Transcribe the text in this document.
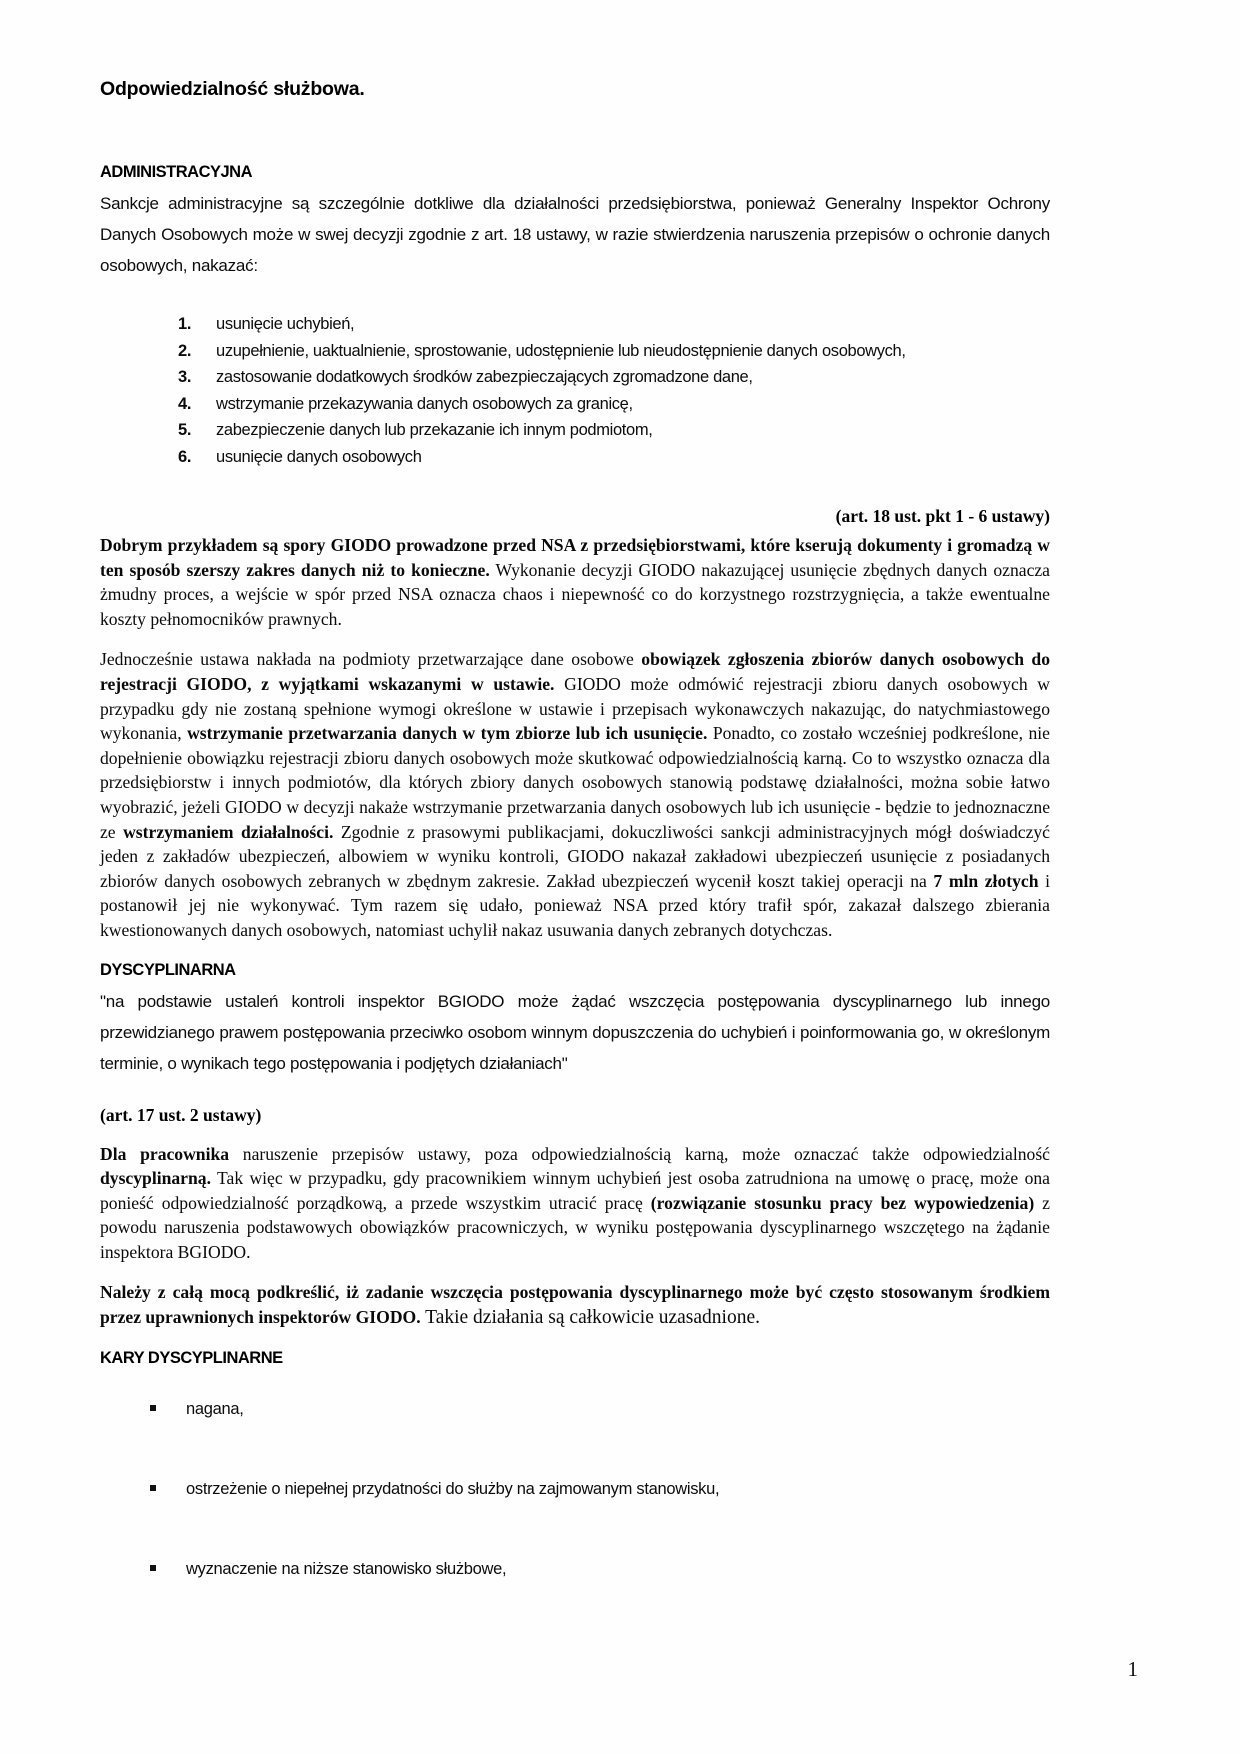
Odpowiedzialność służbowa.
ADMINISTRACYJNA

Sankcje administracyjne są szczególnie dotkliwe dla działalności przedsiębiorstwa, ponieważ Generalny Inspektor Ochrony Danych Osobowych może w swej decyzji zgodnie z art. 18 ustawy, w razie stwierdzenia naruszenia przepisów o ochronie danych osobowych, nakazać:

usunięcie uchybień,
uzupełnienie, uaktualnienie, sprostowanie, udostępnienie lub nieudostępnienie danych osobowych,
zastosowanie dodatkowych środków zabezpieczających zgromadzone dane,
wstrzymanie przekazywania danych osobowych za granicę,
zabezpieczenie danych lub przekazanie ich innym podmiotom,
usunięcie danych osobowych

(art. 18 ust. pkt 1 - 6 ustawy)

Dobrym przykładem są spory GIODO prowadzone przed NSA z przedsiębiorstwami, które kserują dokumenty i gromadzą w ten sposób szerszy zakres danych niż to konieczne. Wykonanie decyzji GIODO nakazującej usunięcie zbędnych danych oznacza żmudny proces, a wejście w spór przed NSA oznacza chaos i niepewność co do korzystnego rozstrzygnięcia, a także ewentualne koszty pełnomocników prawnych.

Jednocześnie ustawa nakłada na podmioty przetwarzające dane osobowe obowiązek zgłoszenia zbiorów danych osobowych do rejestracji GIODO, z wyjątkami wskazanymi w ustawie. GIODO może odmówić rejestracji zbioru danych osobowych w przypadku gdy nie zostaną spełnione wymogi określone w ustawie i przepisach wykonawczych nakazując, do natychmiastowego wykonania, wstrzymanie przetwarzania danych w tym zbiorze lub ich usunięcie. Ponadto, co zostało wcześniej podkreślone, nie dopełnienie obowiązku rejestracji zbioru danych osobowych może skutkować odpowiedzialnością karną. Co to wszystko oznacza dla przedsiębiorstw i innych podmiotów, dla których zbiory danych osobowych stanowią podstawę działalności, można sobie łatwo wyobrazić, jeżeli GIODO w decyzji nakaże wstrzymanie przetwarzania danych osobowych lub ich usunięcie - będzie to jednoznaczne ze wstrzymaniem działalności. Zgodnie z prasowymi publikacjami, dokuczliwości sankcji administracyjnych mógł doświadczyć jeden z zakładów ubezpieczeń, albowiem w wyniku kontroli, GIODO nakazał zakładowi ubezpieczeń usunięcie z posiadanych zbiorów danych osobowych zebranych w zbędnym zakresie. Zakład ubezpieczeń wycenił koszt takiej operacji na 7 mln złotych i postanowił jej nie wykonywać. Tym razem się udało, ponieważ NSA przed który trafił spór, zakazał dalszego zbierania kwestionowanych danych osobowych, natomiast uchylił nakaz usuwania danych zebranych dotychczas.

DYSCYPLINARNA

"na podstawie ustaleń kontroli inspektor BGIODO może żądać wszczęcia postępowania dyscyplinarnego lub innego przewidzianego prawem postępowania przeciwko osobom winnym dopuszczenia do uchybień i poinformowania go, w określonym terminie, o wynikach tego postępowania i podjętych działaniach"

(art. 17 ust. 2 ustawy)

Dla pracownika naruszenie przepisów ustawy, poza odpowiedzialnością karną, może oznaczać także odpowiedzialność dyscyplinarną. Tak więc w przypadku, gdy pracownikiem winnym uchybień jest osoba zatrudniona na umowę o pracę, może ona ponieść odpowiedzialność porządkową, a przede wszystkim utracić pracę (rozwiązanie stosunku pracy bez wypowiedzenia) z powodu naruszenia podstawowych obowiązków pracowniczych, w wyniku postępowania dyscyplinarnego wszczętego na żądanie inspektora BGIODO.

Należy z całą mocą podkreślić, iż zadanie wszczęcia postępowania dyscyplinarnego może być często stosowanym środkiem przez uprawnionych inspektorów GIODO. Takie działania są całkowicie uzasadnione.

KARY DYSCYPLINARNE
nagana,
ostrzeżenie o niepełnej przydatności do służby na zajmowanym stanowisku,
wyznaczenie na niższe stanowisko służbowe,
1
